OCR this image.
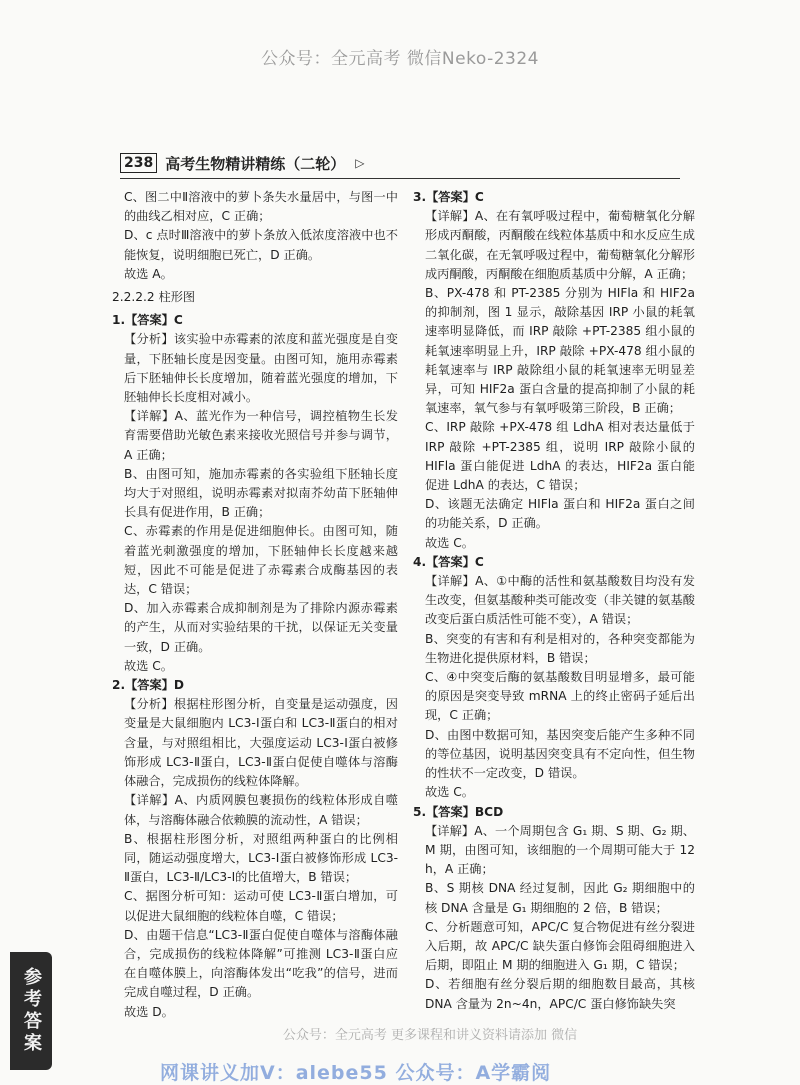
公众号：全元高考 微信Neko-2324
238 高考生物精讲精练（二轮） ▷

C、图二中Ⅱ溶液中的萝卜条失水量居中，与图一中的曲线乙相对应，C 正确；

D、c 点时Ⅲ溶液中的萝卜条放入低浓度溶液中也不能恢复，说明细胞已死亡，D 正确。

故选 A。

2.2.2.2 柱形图

1.【答案】C

【分析】该实验中赤霉素的浓度和蓝光强度是自变量，下胚轴长度是因变量。由图可知，施用赤霉素后下胚轴伸长长度增加，随着蓝光强度的增加，下胚轴伸长长度相对减小。

【详解】A、蓝光作为一种信号，调控植物生长发育需要借助光敏色素来接收光照信号并参与调节，A 正确；

B、由图可知，施加赤霉素的各实验组下胚轴长度均大于对照组，说明赤霉素对拟南芥幼苗下胚轴伸长具有促进作用，B 正确；

C、赤霉素的作用是促进细胞伸长。由图可知，随着蓝光刺激强度的增加，下胚轴伸长长度越来越短，因此不可能是促进了赤霉素合成酶基因的表达，C 错误；

D、加入赤霉素合成抑制剂是为了排除内源赤霉素的产生，从而对实验结果的干扰，以保证无关变量一致，D 正确。

故选 C。

2.【答案】D

【分析】根据柱形图分析，自变量是运动强度，因变量是大鼠细胞内 LC3-Ⅰ蛋白和 LC3-Ⅱ蛋白的相对含量，与对照组相比，大强度运动 LC3-Ⅰ蛋白被修饰形成 LC3-Ⅱ蛋白，LC3-Ⅱ蛋白促使自噬体与溶酶体融合，完成损伤的线粒体降解。

【详解】A、内质网膜包裹损伤的线粒体形成自噬体，与溶酶体融合依赖膜的流动性，A 错误；

B、根据柱形图分析，对照组两种蛋白的比例相同，随运动强度增大，LC3-Ⅰ蛋白被修饰形成 LC3-Ⅱ蛋白，LC3-Ⅱ/LC3-Ⅰ的比值增大，B 错误；

C、据图分析可知：运动可使 LC3-Ⅱ蛋白增加，可以促进大鼠细胞的线粒体自噬，C 错误；

D、由题干信息“LC3-Ⅱ蛋白促使自噬体与溶酶体融合，完成损伤的线粒体降解”可推测 LC3-Ⅱ蛋白应在自噬体膜上，向溶酶体发出“吃我”的信号，进而完成自噬过程，D 正确。

故选 D。

3.【答案】C

【详解】A、在有氧呼吸过程中，葡萄糖氧化分解形成丙酮酸，丙酮酸在线粒体基质中和水反应生成二氧化碳，在无氧呼吸过程中，葡萄糖氧化分解形成丙酮酸，丙酮酸在细胞质基质中分解，A 正确；

B、PX-478 和 PT-2385 分别为 HIFla 和 HIF2a 的抑制剂，图 1 显示，敲除基因 IRP 小鼠的耗氧速率明显降低，而 IRP 敲除 +PT-2385 组小鼠的耗氧速率明显上升，IRP 敲除 +PX-478 组小鼠的耗氧速率与 IRP 敲除组小鼠的耗氧速率无明显差异，可知 HIF2a 蛋白含量的提高抑制了小鼠的耗氧速率，氧气参与有氧呼吸第三阶段，B 正确；

C、IRP 敲除 +PX-478 组 LdhA 相对表达量低于 IRP 敲除 +PT-2385 组，说明 IRP 敲除小鼠的 HIFla 蛋白能促进 LdhA 的表达，HIF2a 蛋白能促进 LdhA 的表达，C 错误；

D、该题无法确定 HIFla 蛋白和 HIF2a 蛋白之间的功能关系，D 正确。

故选 C。

4.【答案】C

【详解】A、①中酶的活性和氨基酸数目均没有发生改变，但氨基酸种类可能改变（非关键的氨基酸改变后蛋白质活性可能不变），A 错误；

B、突变的有害和有利是相对的，各种突变都能为生物进化提供原材料，B 错误；

C、④中突变后酶的氨基酸数目明显增多，最可能的原因是突变导致 mRNA 上的终止密码子延后出现，C 正确；

D、由图中数据可知，基因突变后能产生多种不同的等位基因，说明基因突变具有不定向性，但生物的性状不一定改变，D 错误。

故选 C。

5.【答案】BCD

【详解】A、一个周期包含 G₁ 期、S 期、G₂ 期、M 期，由图可知，该细胞的一个周期可能大于 12 h，A 正确；

B、S 期核 DNA 经过复制，因此 G₂ 期细胞中的核 DNA 含量是 G₁ 期细胞的 2 倍，B 错误；

C、分析题意可知，APC/C 复合物促进有丝分裂进入后期，故 APC/C 缺失蛋白修饰会阻碍细胞进入后期，即阻止 M 期的细胞进入 G₁ 期，C 错误；

D、若细胞有丝分裂后期的细胞数目最高，其核 DNA 含量为 2n~4n，APC/C 蛋白修饰缺失突

参考答案	公众号：全元高考 更多课程和讲义资料请添加 微信
网课讲义加V：alebe55 公众号：A学霸阅
